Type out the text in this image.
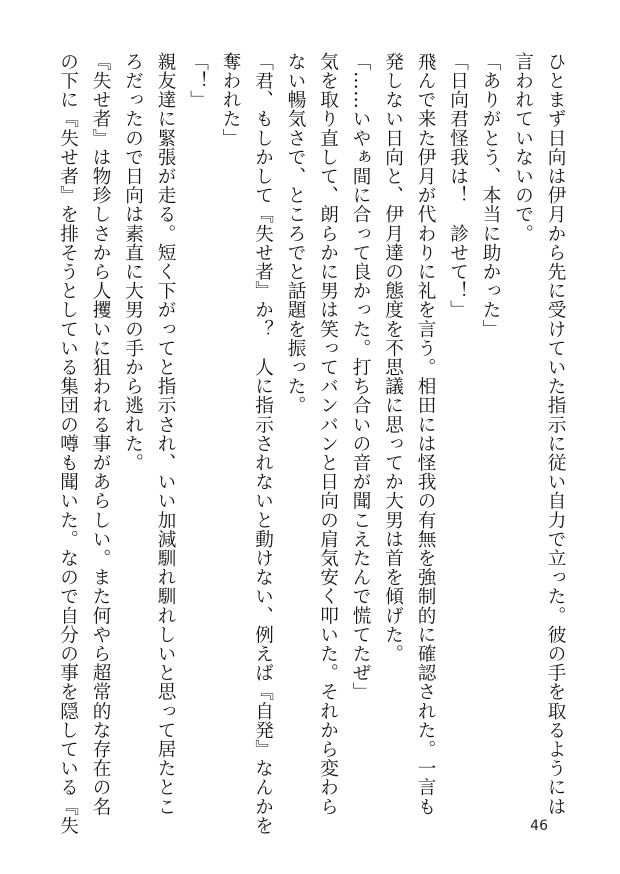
ひとまず日向は伊月から先に受けていた指示に従い自力で立った。彼の手を取るようには

言われていないので。

「ありがとう、本当に助かった」

「日向君怪我は！　診せて！」

飛んで来た伊月が代わりに礼を言う。相田には怪我の有無を強制的に確認された。一言も

発しない日向と、伊月達の態度を不思議に思ってか大男は首を傾げた。

「……いやぁ間に合って良かった。打ち合いの音が聞こえたんで慌てたぜ」

気を取り直して、朗らかに男は笑ってバンバンと日向の肩気安く叩いた。それから変わら

ない暢気さで、ところでと話題を振った。

「君、もしかして『失せ者』か？　人に指示されないと動けない、例えば『自発』なんかを

奪われた」

「！」

親友達に緊張が走る。短く下がってと指示され、いい加減馴れ馴れしいと思って居たとこ

ろだったので日向は素直に大男の手から逃れた。

『失せ者』は物珍しさから人攫いに狙われる事があらしい。また何やら超常的な存在の名

の下に『失せ者』を排そうとしている集団の噂も聞いた。なので自分の事を隠している『失	46
